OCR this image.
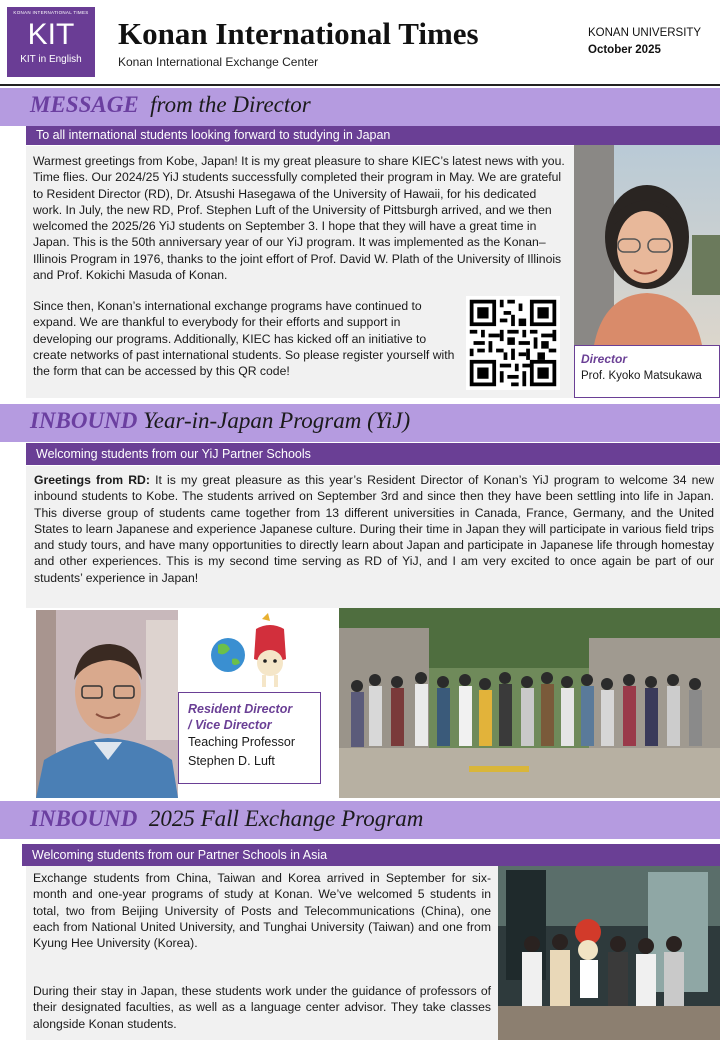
KONAN INTERNATIONAL TIMES
KIT
KIT in English
Konan International Times
Konan International Exchange Center
KONAN UNIVERSITY
October 2025
MESSAGE from the Director
To all international students looking forward to studying in Japan
Warmest greetings from Kobe, Japan! It is my great pleasure to share KIEC’s latest news with you. Time flies. Our 2024/25 YiJ students successfully completed their program in May. We are grateful to Resident Director (RD), Dr. Atsushi Hasegawa of the University of Hawaii, for his dedicated work. In July, the new RD, Prof. Stephen Luft of the University of Pittsburgh arrived, and we then welcomed the 2025/26 YiJ students on September 3. I hope that they will have a great time in Japan. This is the 50th anniversary year of our YiJ program. It was implemented as the Konan–Illinois Program in 1976, thanks to the joint effort of Prof. David W. Plath of the University of Illinois and Prof. Kokichi Masuda of Konan.
Since then, Konan’s international exchange programs have continued to expand. We are thankful to everybody for their efforts and support in developing our programs. Additionally, KIEC has kicked off an initiative to create networks of past international students. So please register yourself with the form that can be accessed by this QR code!
Director
Prof. Kyoko Matsukawa
INBOUND Year-in-Japan Program (YiJ)
Welcoming students from our YiJ Partner Schools
Greetings from RD: It is my great pleasure as this year’s Resident Director of Konan’s YiJ program to welcome 34 new inbound students to Kobe. The students arrived on September 3rd and since then they have been settling into life in Japan. This diverse group of students came together from 13 different universities in Canada, France, Germany, and the United States to learn Japanese and experience Japanese culture. During their time in Japan they will participate in various field trips and study tours, and have many opportunities to directly learn about Japan and participate in Japanese life through homestay and other experiences. This is my second time serving as RD of YiJ, and I am very excited to once again be part of our students’ experience in Japan!
Resident Director
/ Vice Director
Teaching Professor
Stephen D. Luft
INBOUND 2025 Fall Exchange Program
Welcoming students from our Partner Schools in Asia
Exchange students from China, Taiwan and Korea arrived in September for six-month and one-year programs of study at Konan. We’ve welcomed 5 students in total, two from Beijing University of Posts and Telecommunications (China), one each from National United University, and Tunghai University (Taiwan) and one from Kyung Hee University (Korea).
During their stay in Japan, these students work under the guidance of professors of their designated faculties, as well as a language center advisor. They take classes alongside Konan students.
